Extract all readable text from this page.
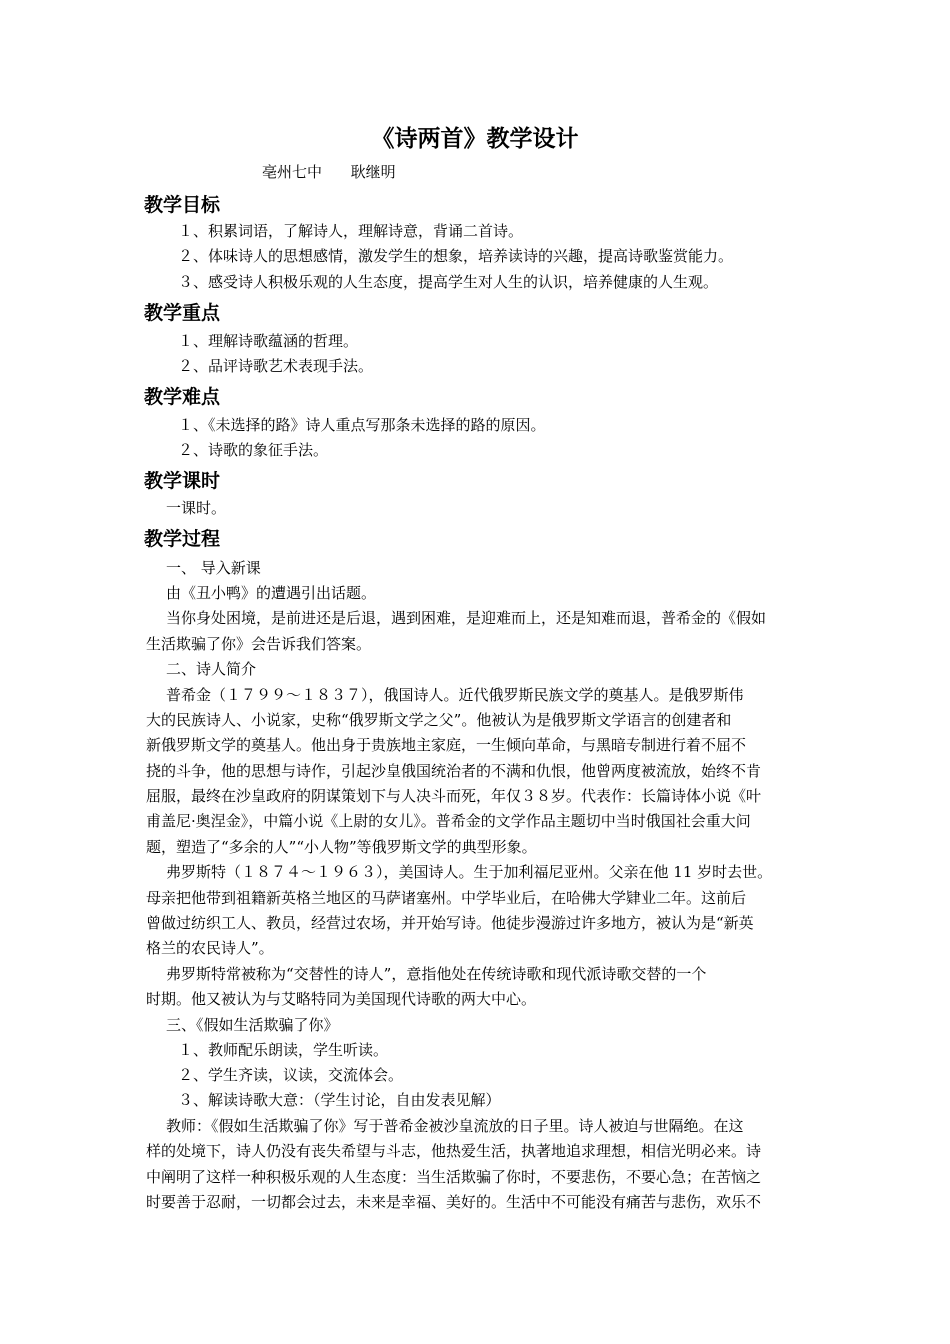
《诗两首》教学设计
亳州七中      耿继明
教学目标
１、积累词语，了解诗人，理解诗意，背诵二首诗。
２、体味诗人的思想感情，激发学生的想象，培养读诗的兴趣，提高诗歌鉴赏能力。
３、感受诗人积极乐观的人生态度，提高学生对人生的认识，培养健康的人生观。
教学重点
１、理解诗歌蕴涵的哲理。
２、品评诗歌艺术表现手法。
教学难点
１、《未选择的路》诗人重点写那条未选择的路的原因。
２、诗歌的象征手法。
教学课时
一课时。
教学过程
一、 导入新课
由《丑小鸭》的遭遇引出话题。
当你身处困境，是前进还是后退，遇到困难，是迎难而上，还是知难而退，普希金的《假如
生活欺骗了你》会告诉我们答案。
二、诗人简介
普希金（１７９９～１８３７），俄国诗人。近代俄罗斯民族文学的奠基人。是俄罗斯伟
大的民族诗人、小说家，史称“俄罗斯文学之父”。他被认为是俄罗斯文学语言的创建者和
新俄罗斯文学的奠基人。他出身于贵族地主家庭，一生倾向革命，与黑暗专制进行着不屈不
挠的斗争，他的思想与诗作，引起沙皇俄国统治者的不满和仇恨，他曾两度被流放，始终不肯
屈服，最终在沙皇政府的阴谋策划下与人决斗而死，年仅３８岁。代表作：长篇诗体小说《叶
甫盖尼·奥涅金》，中篇小说《上尉的女儿》。普希金的文学作品主题切中当时俄国社会重大问
题，塑造了“多余的人”“小人物”等俄罗斯文学的典型形象。
弗罗斯特（１８７４～１９６３），美国诗人。生于加利福尼亚州。父亲在他 11 岁时去世。
母亲把他带到祖籍新英格兰地区的马萨诸塞州。中学毕业后，在哈佛大学肄业二年。这前后
曾做过纺织工人、教员，经营过农场，并开始写诗。他徒步漫游过许多地方，被认为是“新英
格兰的农民诗人”。
弗罗斯特常被称为“交替性的诗人”，意指他处在传统诗歌和现代派诗歌交替的一个
时期。他又被认为与艾略特同为美国现代诗歌的两大中心。
三、《假如生活欺骗了你》
１、教师配乐朗读，学生听读。
２、学生齐读，议读，交流体会。
３、解读诗歌大意：（学生讨论，自由发表见解）
教师：《假如生活欺骗了你》写于普希金被沙皇流放的日子里。诗人被迫与世隔绝。在这
样的处境下，诗人仍没有丧失希望与斗志，他热爱生活，执著地追求理想，相信光明必来。诗
中阐明了这样一种积极乐观的人生态度：当生活欺骗了你时，不要悲伤，不要心急；在苦恼之
时要善于忍耐，一切都会过去，未来是幸福、美好的。生活中不可能没有痛苦与悲伤，欢乐不
